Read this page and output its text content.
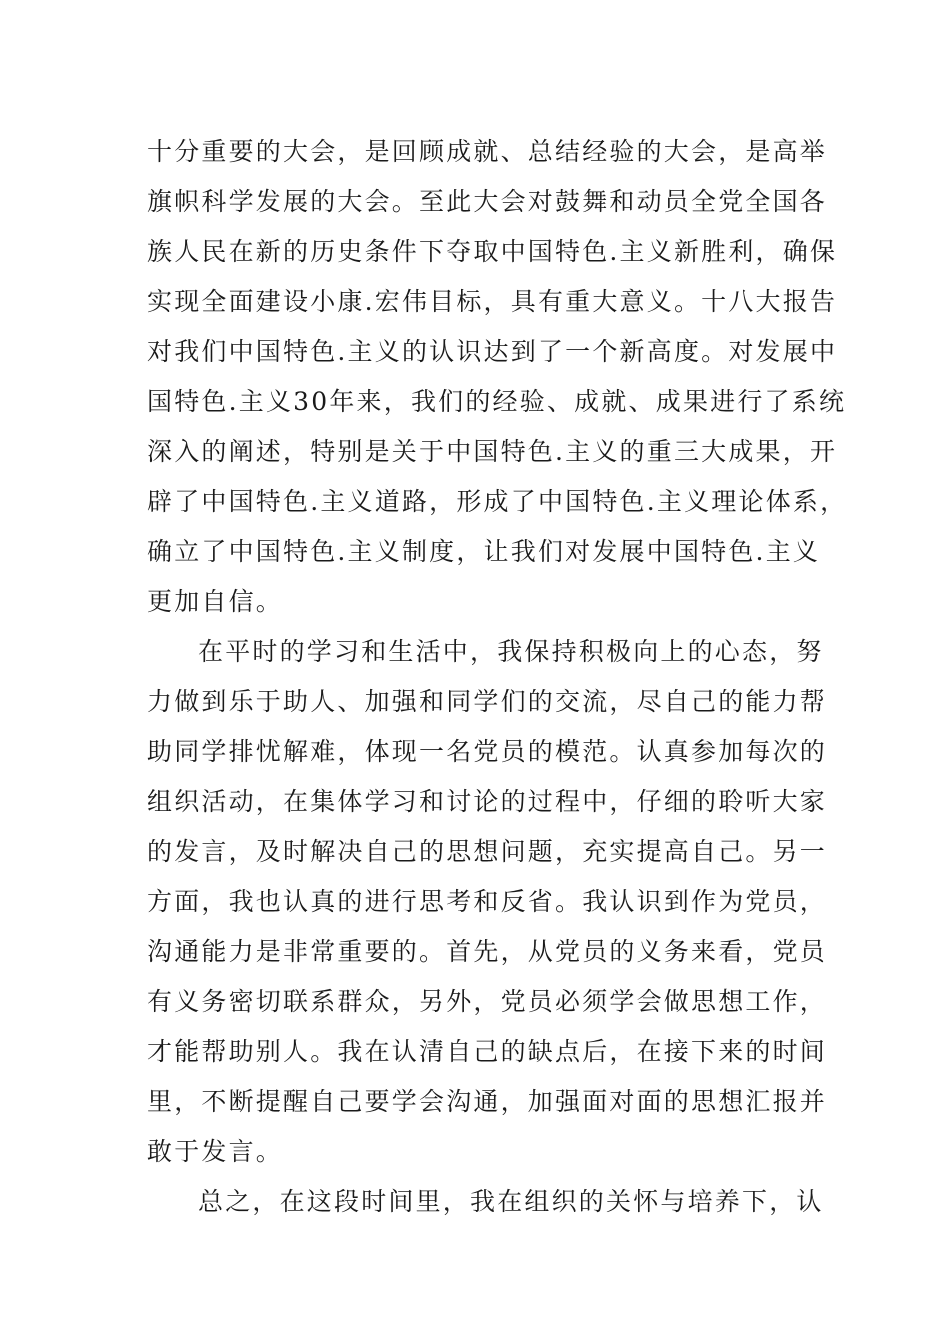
十分重要的大会，是回顾成就、总结经验的大会，是高举
旗帜科学发展的大会。至此大会对鼓舞和动员全党全国各
族人民在新的历史条件下夺取中国特色.主义新胜利，确保
实现全面建设小康.宏伟目标，具有重大意义。十八大报告
对我们中国特色.主义的认识达到了一个新高度。对发展中
国特色.主义30年来，我们的经验、成就、成果进行了系统
深入的阐述，特别是关于中国特色.主义的重三大成果，开
辟了中国特色.主义道路，形成了中国特色.主义理论体系，
确立了中国特色.主义制度，让我们对发展中国特色.主义
更加自信。
在平时的学习和生活中，我保持积极向上的心态，努
力做到乐于助人、加强和同学们的交流，尽自己的能力帮
助同学排忧解难，体现一名党员的模范。认真参加每次的
组织活动，在集体学习和讨论的过程中，仔细的聆听大家
的发言，及时解决自己的思想问题，充实提高自己。另一
方面，我也认真的进行思考和反省。我认识到作为党员，
沟通能力是非常重要的。首先，从党员的义务来看，党员
有义务密切联系群众，另外，党员必须学会做思想工作，
才能帮助别人。我在认清自己的缺点后，在接下来的时间
里，不断提醒自己要学会沟通，加强面对面的思想汇报并
敢于发言。
总之，在这段时间里，我在组织的关怀与培养下，认
